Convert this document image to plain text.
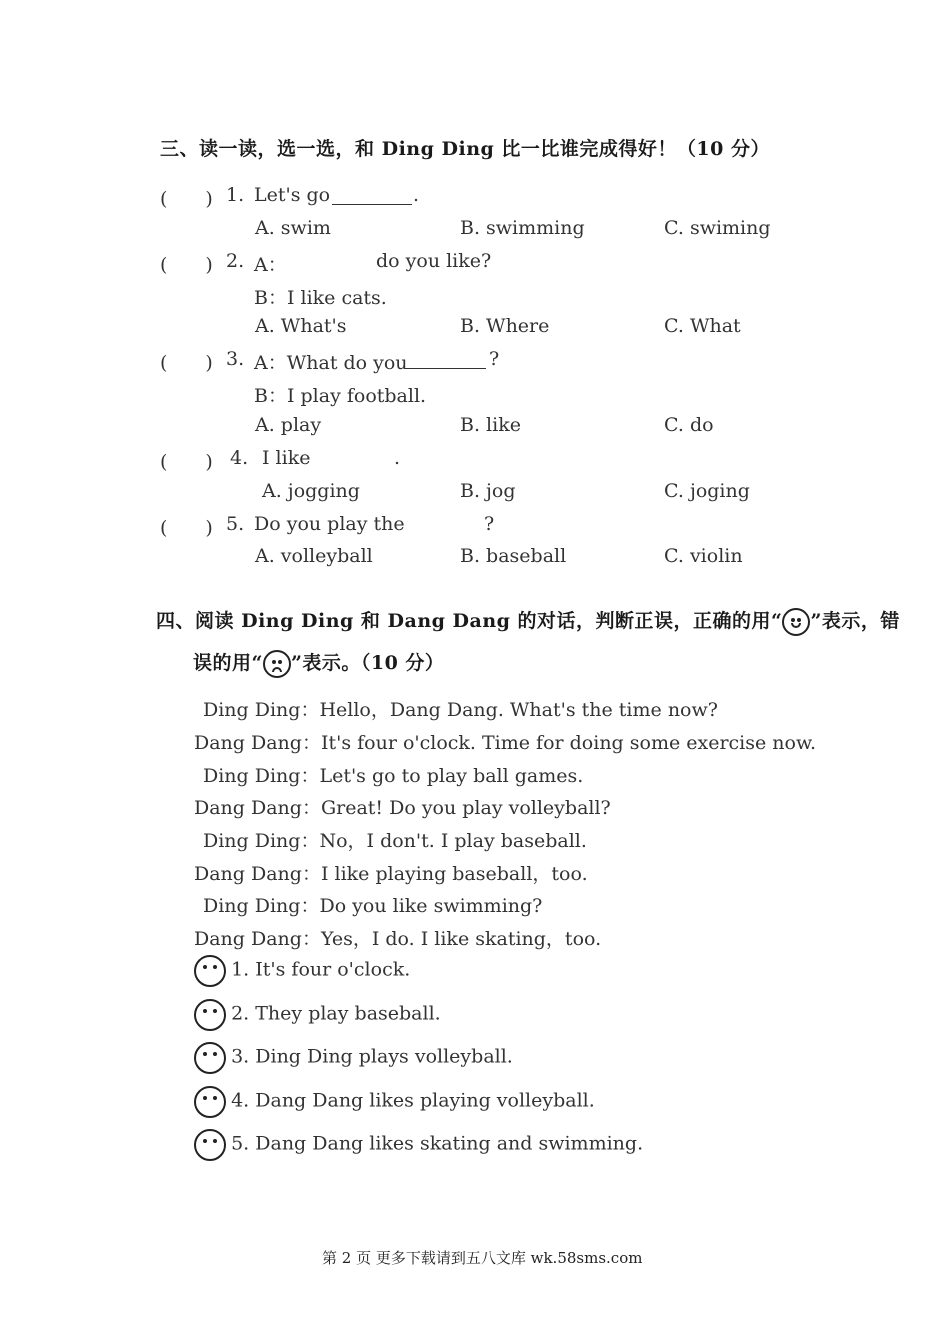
三、读一读，选一选，和 Ding Ding 比一比谁完成得好！（10 分）
(　　) 1. Let's go	.
A. swim	B. swimming	C. swiming
(　　) 2. A：	do you like?
B：I like cats.
A. What's	B. Where	C. What
(　　) 3. A：What do you	?
B：I play football.
A. play	B. like	C. do
(　　) 4. I like	.
A. jogging	B. jog	C. joging
(　　) 5. Do you play the	?
A. volleyball	B. baseball	C. violin
四、阅读 Ding Ding 和 Dang Dang 的对话，判断正误，正确的用“ ”表示，错
误的用“ ”表示。（10 分）
Ding Ding：Hello，Dang Dang. What's the time now?
Dang Dang：It's four o'clock. Time for doing some exercise now.
Ding Ding：Let's go to play ball games.
Dang Dang：Great! Do you play volleyball?
Ding Ding：No，I don't. I play baseball.
Dang Dang：I like playing baseball，too.
Ding Ding：Do you like swimming?
Dang Dang：Yes，I do. I like skating，too.
1. It's four o'clock.
2. They play baseball.
3. Ding Ding plays volleyball.
4. Dang Dang likes playing volleyball.
5. Dang Dang likes skating and swimming.
第 2 页 更多下载请到五八文库 wk.58sms.com
